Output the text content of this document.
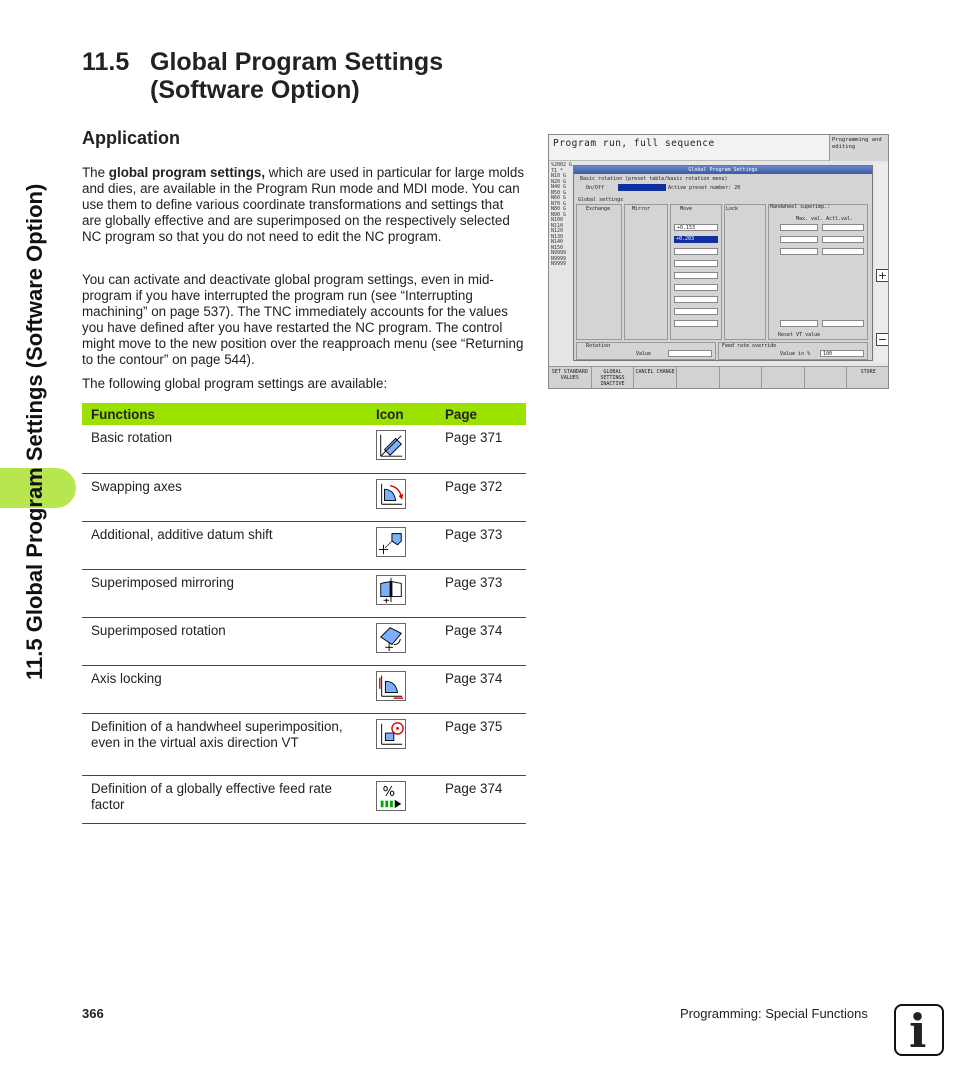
11.5 Global Program Settings (Software Option)
11.5 Global Program Settings
(Software Option)
Application
The global program settings, which are used in particular for large molds and dies, are available in the Program Run mode and MDI mode. You can use them to define various coordinate transformations and settings that are globally effective and are superimposed on the respectively selected NC program so that you do not need to edit the NC program.
You can activate and deactivate global program settings, even in mid-program if you have interrupted the program run (see “Interrupting machining” on page 537). The TNC immediately accounts for the values you have defined after you have restarted the NC program. The control might move to the new position over the reapproach menu (see “Returning to the contour” on page 544).
The following global program settings are available:
Functions	Icon	Page
Basic rotation		Page 371
Swapping axes		Page 372
Additional, additive datum shift		Page 373
Superimposed mirroring		Page 373
Superimposed rotation		Page 374
Axis locking		Page 374
Definition of a handwheel superimposition, even in the virtual axis direction VT		Page 375
Definition of a globally effective feed rate factor	%	Page 374
Program run, full sequence	Programming and editing
%2002 G 71 *
N10 G
N20 G
N40 G
N50 G
N60 G
N70 G
N80 G
N90 G
N100
N110
N120
N130
N140
N150
N9999
N9999
N9999
Global Program Settings
Basic rotation (preset table/basic rotation menu)
On/Off	Active preset number: 20
Global settings
Exchange	Mirror	Move	Lock	Handwheel superimp.:
+0.153
+0.203
Max. val. Actl.val.
Reset VT value
Rotation
Value
Feed rate override
Value in %	100
+
−
SET STANDARD VALUES
GLOBAL SETTINGS INACTIVE
CANCEL CHANGE	STORE
366	Programming: Special Functions i
